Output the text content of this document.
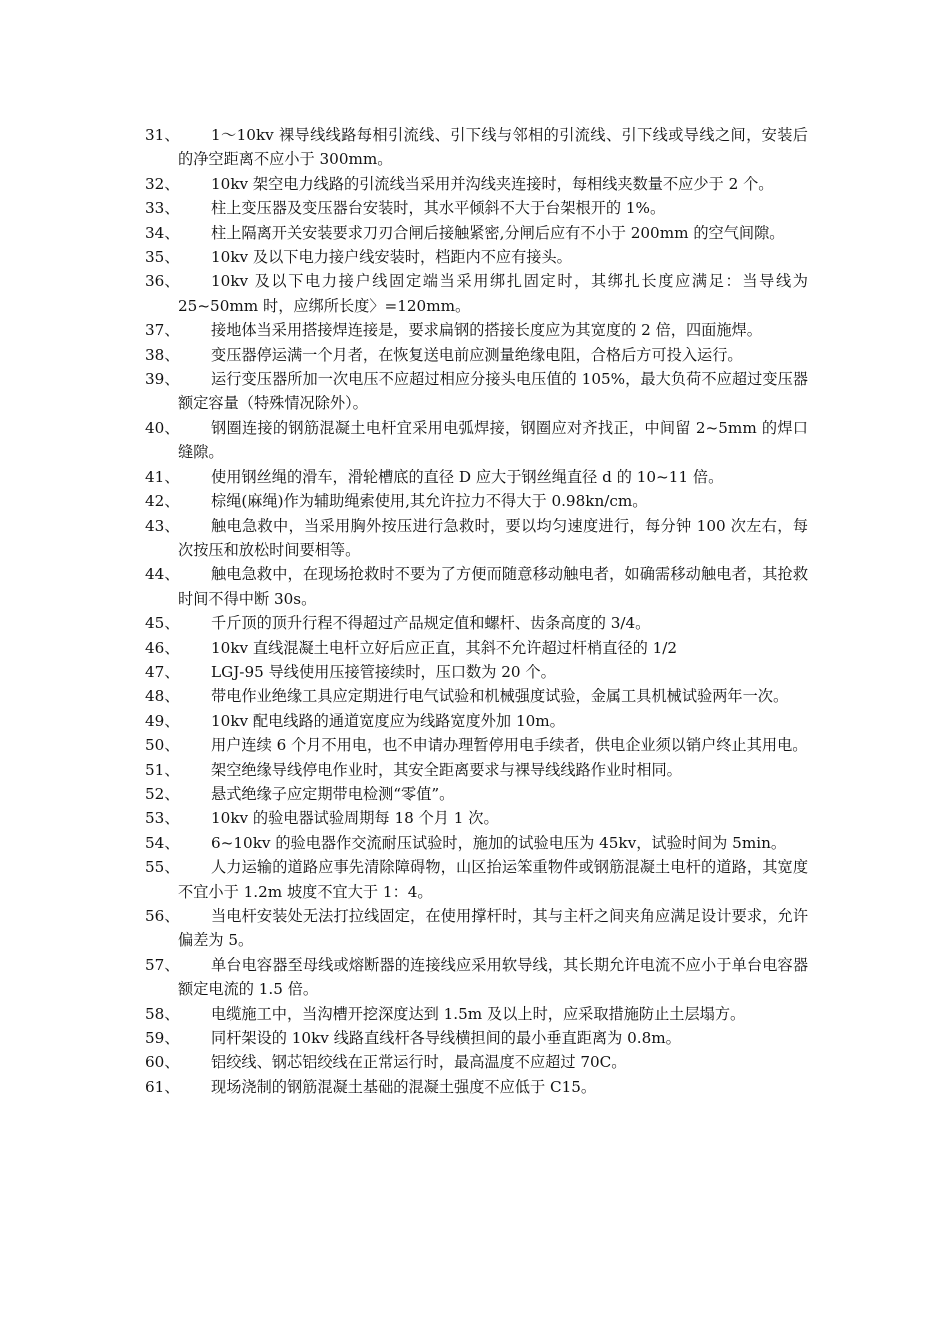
31、	1～10kv 裸导线线路每相引流线、引下线与邻相的引流线、引下线或导线之间，安装后的净空距离不应小于 300mm。
32、	10kv 架空电力线路的引流线当采用并沟线夹连接时，每相线夹数量不应少于 2 个。
33、	柱上变压器及变压器台安装时，其水平倾斜不大于台架根开的 1%。
34、	柱上隔离开关安装要求刀刃合闸后接触紧密,分闸后应有不小于 200mm 的空气间隙。
35、	10kv 及以下电力接户线安装时，档距内不应有接头。
36、	10kv 及以下电力接户线固定端当采用绑扎固定时，其绑扎长度应满足：当导线为 25~50mm 时，应绑所长度〉=120mm。
37、	接地体当采用搭接焊连接是，要求扁钢的搭接长度应为其宽度的 2 倍，四面施焊。
38、	变压器停运满一个月者，在恢复送电前应测量绝缘电阻，合格后方可投入运行。
39、	运行变压器所加一次电压不应超过相应分接头电压值的 105%，最大负荷不应超过变压器额定容量（特殊情况除外）。
40、	钢圈连接的钢筋混凝土电杆宜采用电弧焊接，钢圈应对齐找正，中间留 2~5mm 的焊口缝隙。
41、	使用钢丝绳的滑车，滑轮槽底的直径 D 应大于钢丝绳直径 d 的 10~11 倍。
42、	棕绳(麻绳)作为辅助绳索使用,其允许拉力不得大于 0.98kn/cm。
43、	触电急救中，当采用胸外按压进行急救时，要以均匀速度进行，每分钟 100 次左右，每次按压和放松时间要相等。
44、	触电急救中，在现场抢救时不要为了方便而随意移动触电者，如确需移动触电者，其抢救时间不得中断 30s。
45、	千斤顶的顶升行程不得超过产品规定值和螺杆、齿条高度的 3/4。
46、	10kv 直线混凝土电杆立好后应正直，其斜不允许超过杆梢直径的 1/2
47、	LGJ-95 导线使用压接管接续时，压口数为 20 个。
48、	带电作业绝缘工具应定期进行电气试验和机械强度试验，金属工具机械试验两年一次。
49、	10kv 配电线路的通道宽度应为线路宽度外加 10m。
50、	用户连续 6 个月不用电，也不申请办理暂停用电手续者，供电企业须以销户终止其用电。
51、	架空绝缘导线停电作业时，其安全距离要求与裸导线线路作业时相同。
52、	悬式绝缘子应定期带电检测“零值”。
53、	10kv 的验电器试验周期每 18 个月 1 次。
54、	6~10kv 的验电器作交流耐压试验时，施加的试验电压为 45kv，试验时间为 5min。
55、	人力运输的道路应事先清除障碍物，山区抬运笨重物件或钢筋混凝土电杆的道路，其宽度不宜小于 1.2m 坡度不宜大于 1：4。
56、	当电杆安装处无法打拉线固定，在使用撑杆时，其与主杆之间夹角应满足设计要求，允许偏差为 5。
57、	单台电容器至母线或熔断器的连接线应采用软导线，其长期允许电流不应小于单台电容器额定电流的 1.5 倍。
58、	电缆施工中，当沟槽开挖深度达到 1.5m 及以上时，应采取措施防止土层塌方。
59、	同杆架设的 10kv 线路直线杆各导线横担间的最小垂直距离为 0.8m。
60、	铝绞线、钢芯铝绞线在正常运行时，最高温度不应超过 70C。
61、	现场浇制的钢筋混凝土基础的混凝土强度不应低于 C15。
